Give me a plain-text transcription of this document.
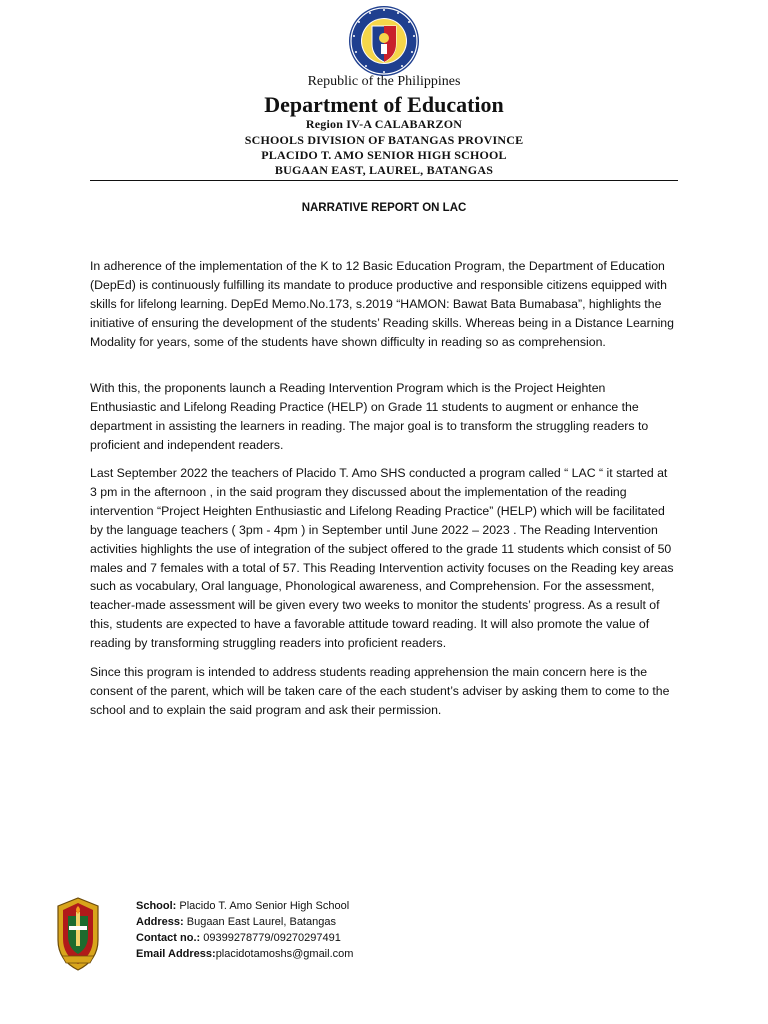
Republic of the Philippines
Department of Education
Region IV-A CALABARZON
SCHOOLS DIVISION OF BATANGAS PROVINCE
PLACIDO T. AMO SENIOR HIGH SCHOOL
BUGAAN EAST, LAUREL, BATANGAS
NARRATIVE REPORT ON LAC

In adherence of the implementation of the K to 12 Basic Education Program, the Department of Education (DepEd) is continuously fulfilling its mandate to produce productive and responsible citizens equipped with skills for lifelong learning. DepEd Memo.No.173, s.2019 “HAMON: Bawat Bata Bumabasa”, highlights the initiative of ensuring the development of the students’ Reading skills. Whereas being in a Distance Learning Modality for years, some of the students have shown difficulty in reading so as comprehension.

With this, the proponents launch a Reading Intervention Program which is the Project Heighten Enthusiastic and Lifelong Reading Practice (HELP) on Grade 11 students to augment or enhance the department in assisting the learners in reading. The major goal is to transform the struggling readers to proficient and independent readers.

Last September 2022 the teachers of Placido T. Amo SHS conducted a program called “ LAC “ it started at 3 pm in the afternoon , in the said program they discussed about the implementation of the reading intervention “Project Heighten Enthusiastic and Lifelong Reading Practice” (HELP) which will be facilitated by the language teachers ( 3pm - 4pm ) in September until June 2022 – 2023 . The Reading Intervention activities highlights the use of integration of the subject offered to the grade 11 students which consist of 50 males and 7 females with a total of 57. This Reading Intervention activity focuses on the Reading key areas such as vocabulary, Oral language, Phonological awareness, and Comprehension. For the assessment, teacher-made assessment will be given every two weeks to monitor the students’ progress. As a result of this, students are expected to have a favorable attitude toward reading. It will also promote the value of reading by transforming struggling readers into proficient readers.

Since this program is intended to address students reading apprehension the main concern here is the consent of the parent, which will be taken care of the each student’s adviser by asking them to come to the school and to explain the said program and ask their permission.

School: Placido T. Amo Senior High School
Address: Bugaan East Laurel, Batangas
Contact no.: 09399278779/09270297491
Email Address:placidotamoshs@gmail.com
